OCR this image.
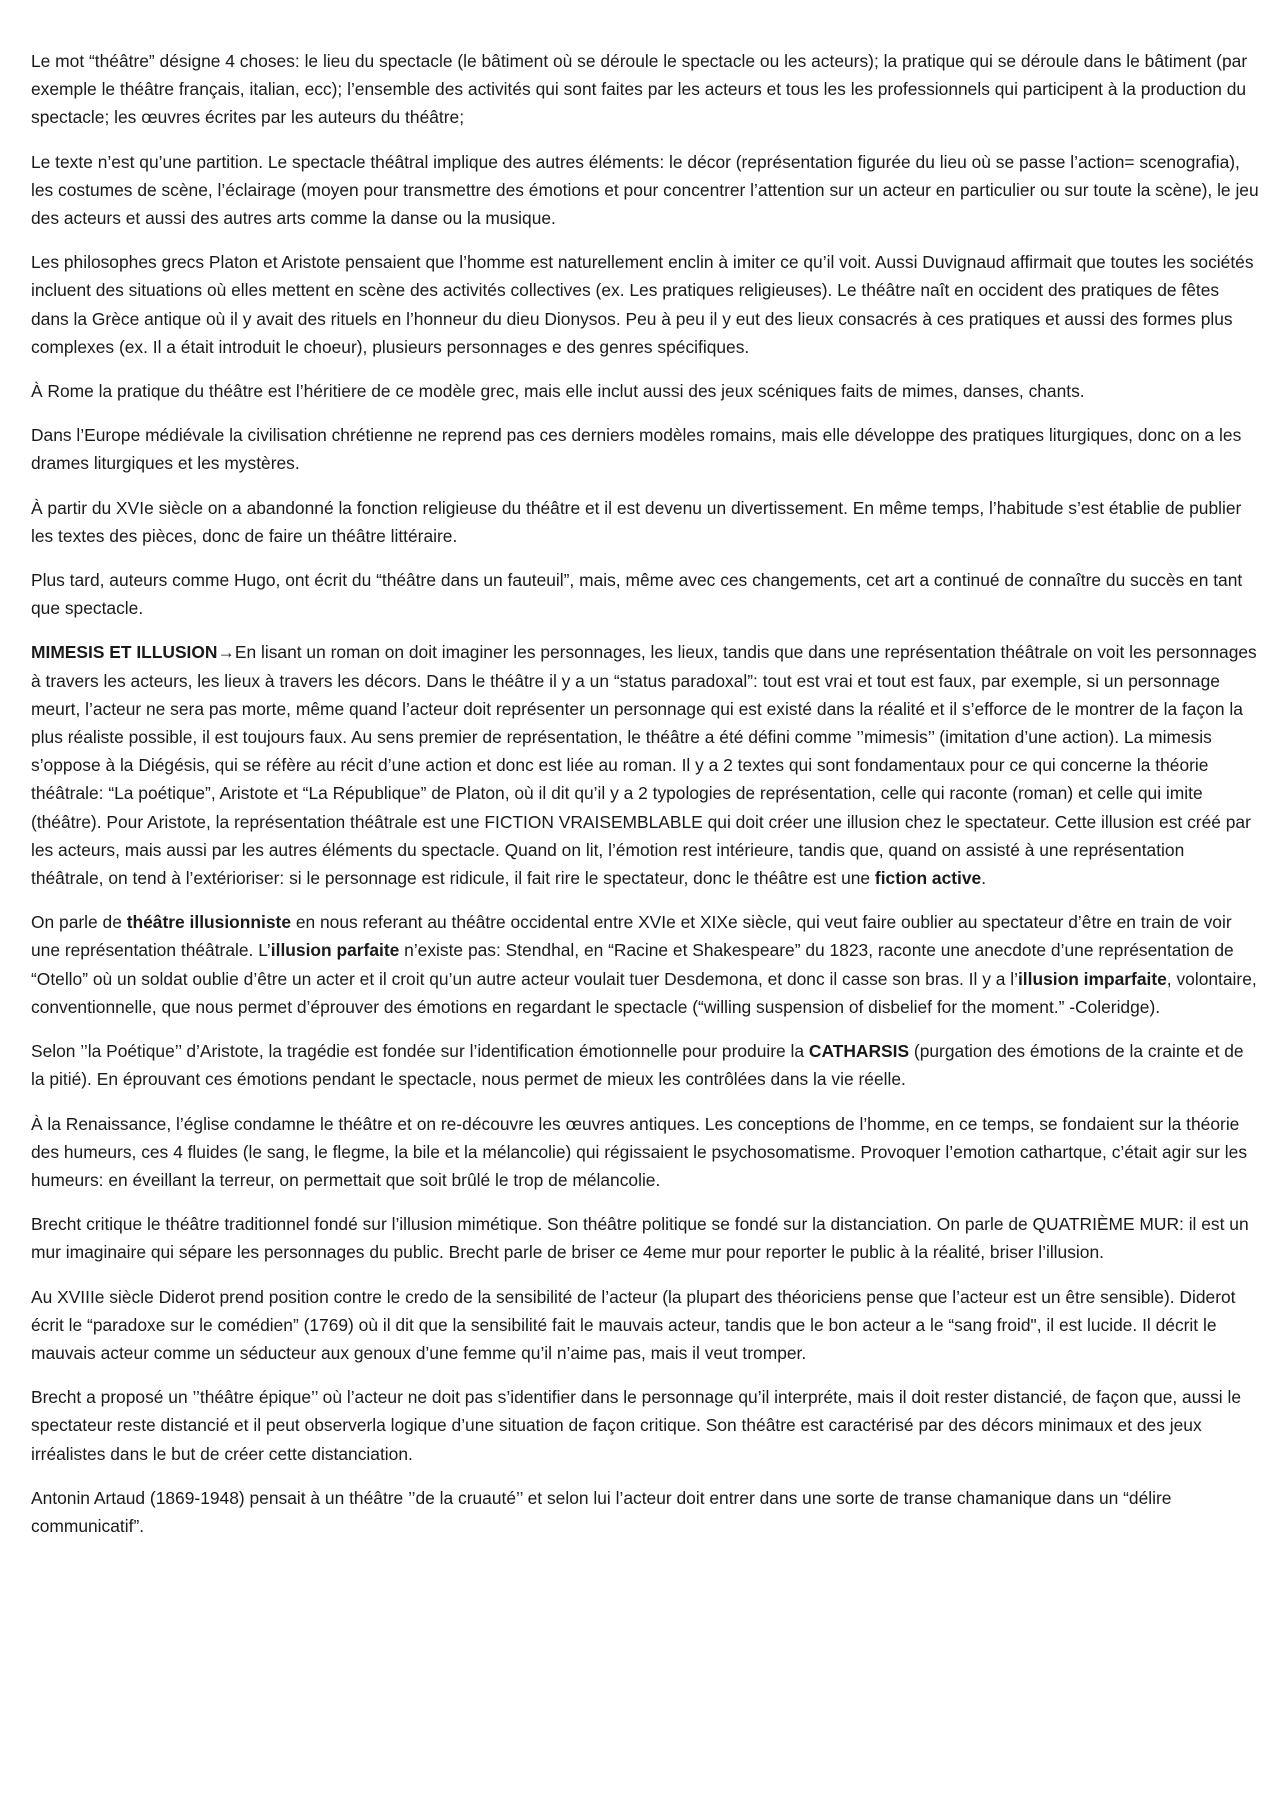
Le mot “théâtre” désigne 4 choses: le lieu du spectacle (le bâtiment où se déroule le spectacle ou les acteurs); la pratique qui se déroule dans le bâtiment (par exemple le théâtre français, italian, ecc); l’ensemble des activités qui sont faites par les acteurs et tous les les professionnels qui participent à la production du spectacle; les œuvres écrites par les auteurs du théâtre;

Le texte n’est qu’une partition. Le spectacle théâtral implique des autres éléments: le décor (représentation figurée du lieu où se passe l’action= scenografia), les costumes de scène, l’éclairage (moyen pour transmettre des émotions et pour concentrer l’attention sur un acteur en particulier ou sur toute la scène), le jeu des acteurs et aussi des autres arts comme la danse ou la musique.

Les philosophes grecs Platon et Aristote pensaient que l’homme est naturellement enclin à imiter ce qu’il voit. Aussi Duvignaud affirmait que toutes les sociétés incluent des situations où elles mettent en scène des activités collectives (ex. Les pratiques religieuses). Le théâtre naît en occident des pratiques de fêtes dans la Grèce antique où il y avait des rituels en l’honneur du dieu Dionysos. Peu à peu il y eut des lieux consacrés à ces pratiques et aussi des formes plus complexes (ex. Il a était introduit le choeur), plusieurs personnages e des genres spécifiques.

À Rome la pratique du théâtre est l’héritiere de ce modèle grec, mais elle inclut aussi des jeux scéniques faits de mimes, danses, chants.

Dans l’Europe médiévale la civilisation chrétienne ne reprend pas ces derniers modèles romains, mais elle développe des pratiques liturgiques, donc on a les drames liturgiques et les mystères.

À partir du XVIe siècle on a abandonné la fonction religieuse du théâtre et il est devenu un divertissement. En même temps, l’habitude s’est établie de publier les textes des pièces, donc de faire un théâtre littéraire.

Plus tard, auteurs comme Hugo, ont écrit du “théâtre dans un fauteuil”, mais, même avec ces changements, cet art a continué de connaître du succès en tant que spectacle.

MIMESIS ET ILLUSION→En lisant un roman on doit imaginer les personnages, les lieux, tandis que dans une représentation théâtrale on voit les personnages à travers les acteurs, les lieux à travers les décors. Dans le théâtre il y a un “status paradoxal”: tout est vrai et tout est faux, par exemple, si un personnage meurt, l’acteur ne sera pas morte, même quand l’acteur doit représenter un personnage qui est existé dans la réalité et il s’efforce de le montrer de la façon la plus réaliste possible, il est toujours faux. Au sens premier de représentation, le théâtre a été défini comme ’’mimesis’’ (imitation d’une action). La mimesis s’oppose à la Diégésis, qui se réfère au récit d’une action et donc est liée au roman. Il y a 2 textes qui sont fondamentaux pour ce qui concerne la théorie théâtrale: “La poétique”, Aristote et “La République” de Platon, où il dit qu’il y a 2 typologies de représentation, celle qui raconte (roman) et celle qui imite (théâtre). Pour Aristote, la représentation théâtrale est une FICTION VRAISEMBLABLE qui doit créer une illusion chez le spectateur. Cette illusion est créé par les acteurs, mais aussi par les autres éléments du spectacle. Quand on lit, l’émotion rest intérieure, tandis que, quand on assisté à une représentation théâtrale, on tend à l’extérioriser: si le personnage est ridicule, il fait rire le spectateur, donc le théâtre est une fiction active.

On parle de théâtre illusionniste en nous referant au théâtre occidental entre XVIe et XIXe siècle, qui veut faire oublier au spectateur d’être en train de voir une représentation théâtrale. L’illusion parfaite n’existe pas: Stendhal, en “Racine et Shakespeare” du 1823, raconte une anecdote d’une représentation de “Otello” où un soldat oublie d’être un acter et il croit qu’un autre acteur voulait tuer Desdemona, et donc il casse son bras. Il y a l’illusion imparfaite, volontaire, conventionnelle, que nous permet d’éprouver des émotions en regardant le spectacle (“willing suspension of disbelief for the moment.” -Coleridge).

Selon ’’la Poétique’’ d’Aristote, la tragédie est fondée sur l’identification émotionnelle pour produire la CATHARSIS (purgation des émotions de la crainte et de la pitié). En éprouvant ces émotions pendant le spectacle, nous permet de mieux les contrôlées dans la vie réelle.

À la Renaissance, l’église condamne le théâtre et on re-découvre les œuvres antiques. Les conceptions de l’homme, en ce temps, se fondaient sur la théorie des humeurs, ces 4 fluides (le sang, le flegme, la bile et la mélancolie) qui régissaient le psychosomatisme. Provoquer l’emotion cathartque, c’était agir sur les humeurs: en éveillant la terreur, on permettait que soit brûlé le trop de mélancolie.

Brecht critique le théâtre traditionnel fondé sur l’illusion mimétique. Son théâtre politique se fondé sur la distanciation. On parle de QUATRIÈME MUR: il est un mur imaginaire qui sépare les personnages du public. Brecht parle de briser ce 4eme mur pour reporter le public à la réalité, briser l’illusion.

Au XVIIIe siècle Diderot prend position contre le credo de la sensibilité de l’acteur (la plupart des théoriciens pense que l’acteur est un être sensible). Diderot écrit le “paradoxe sur le comédien” (1769) où il dit que la sensibilité fait le mauvais acteur, tandis que le bon acteur a le “sang froid", il est lucide. Il décrit le mauvais acteur comme un séducteur aux genoux d’une femme qu’il n’aime pas, mais il veut tromper.

Brecht a proposé un ’’théâtre épique’’ où l’acteur ne doit pas s’identifier dans le personnage qu’il interpréte, mais il doit rester distancié, de façon que, aussi le spectateur reste distancié et il peut observerla logique d’une situation de façon critique. Son théâtre est caractérisé par des décors minimaux et des jeux irréalistes dans le but de créer cette distanciation.

Antonin Artaud (1869-1948) pensait à un théâtre ’’de la cruauté’’ et selon lui l’acteur doit entrer dans une sorte de transe chamanique dans un “délire communicatif”.
